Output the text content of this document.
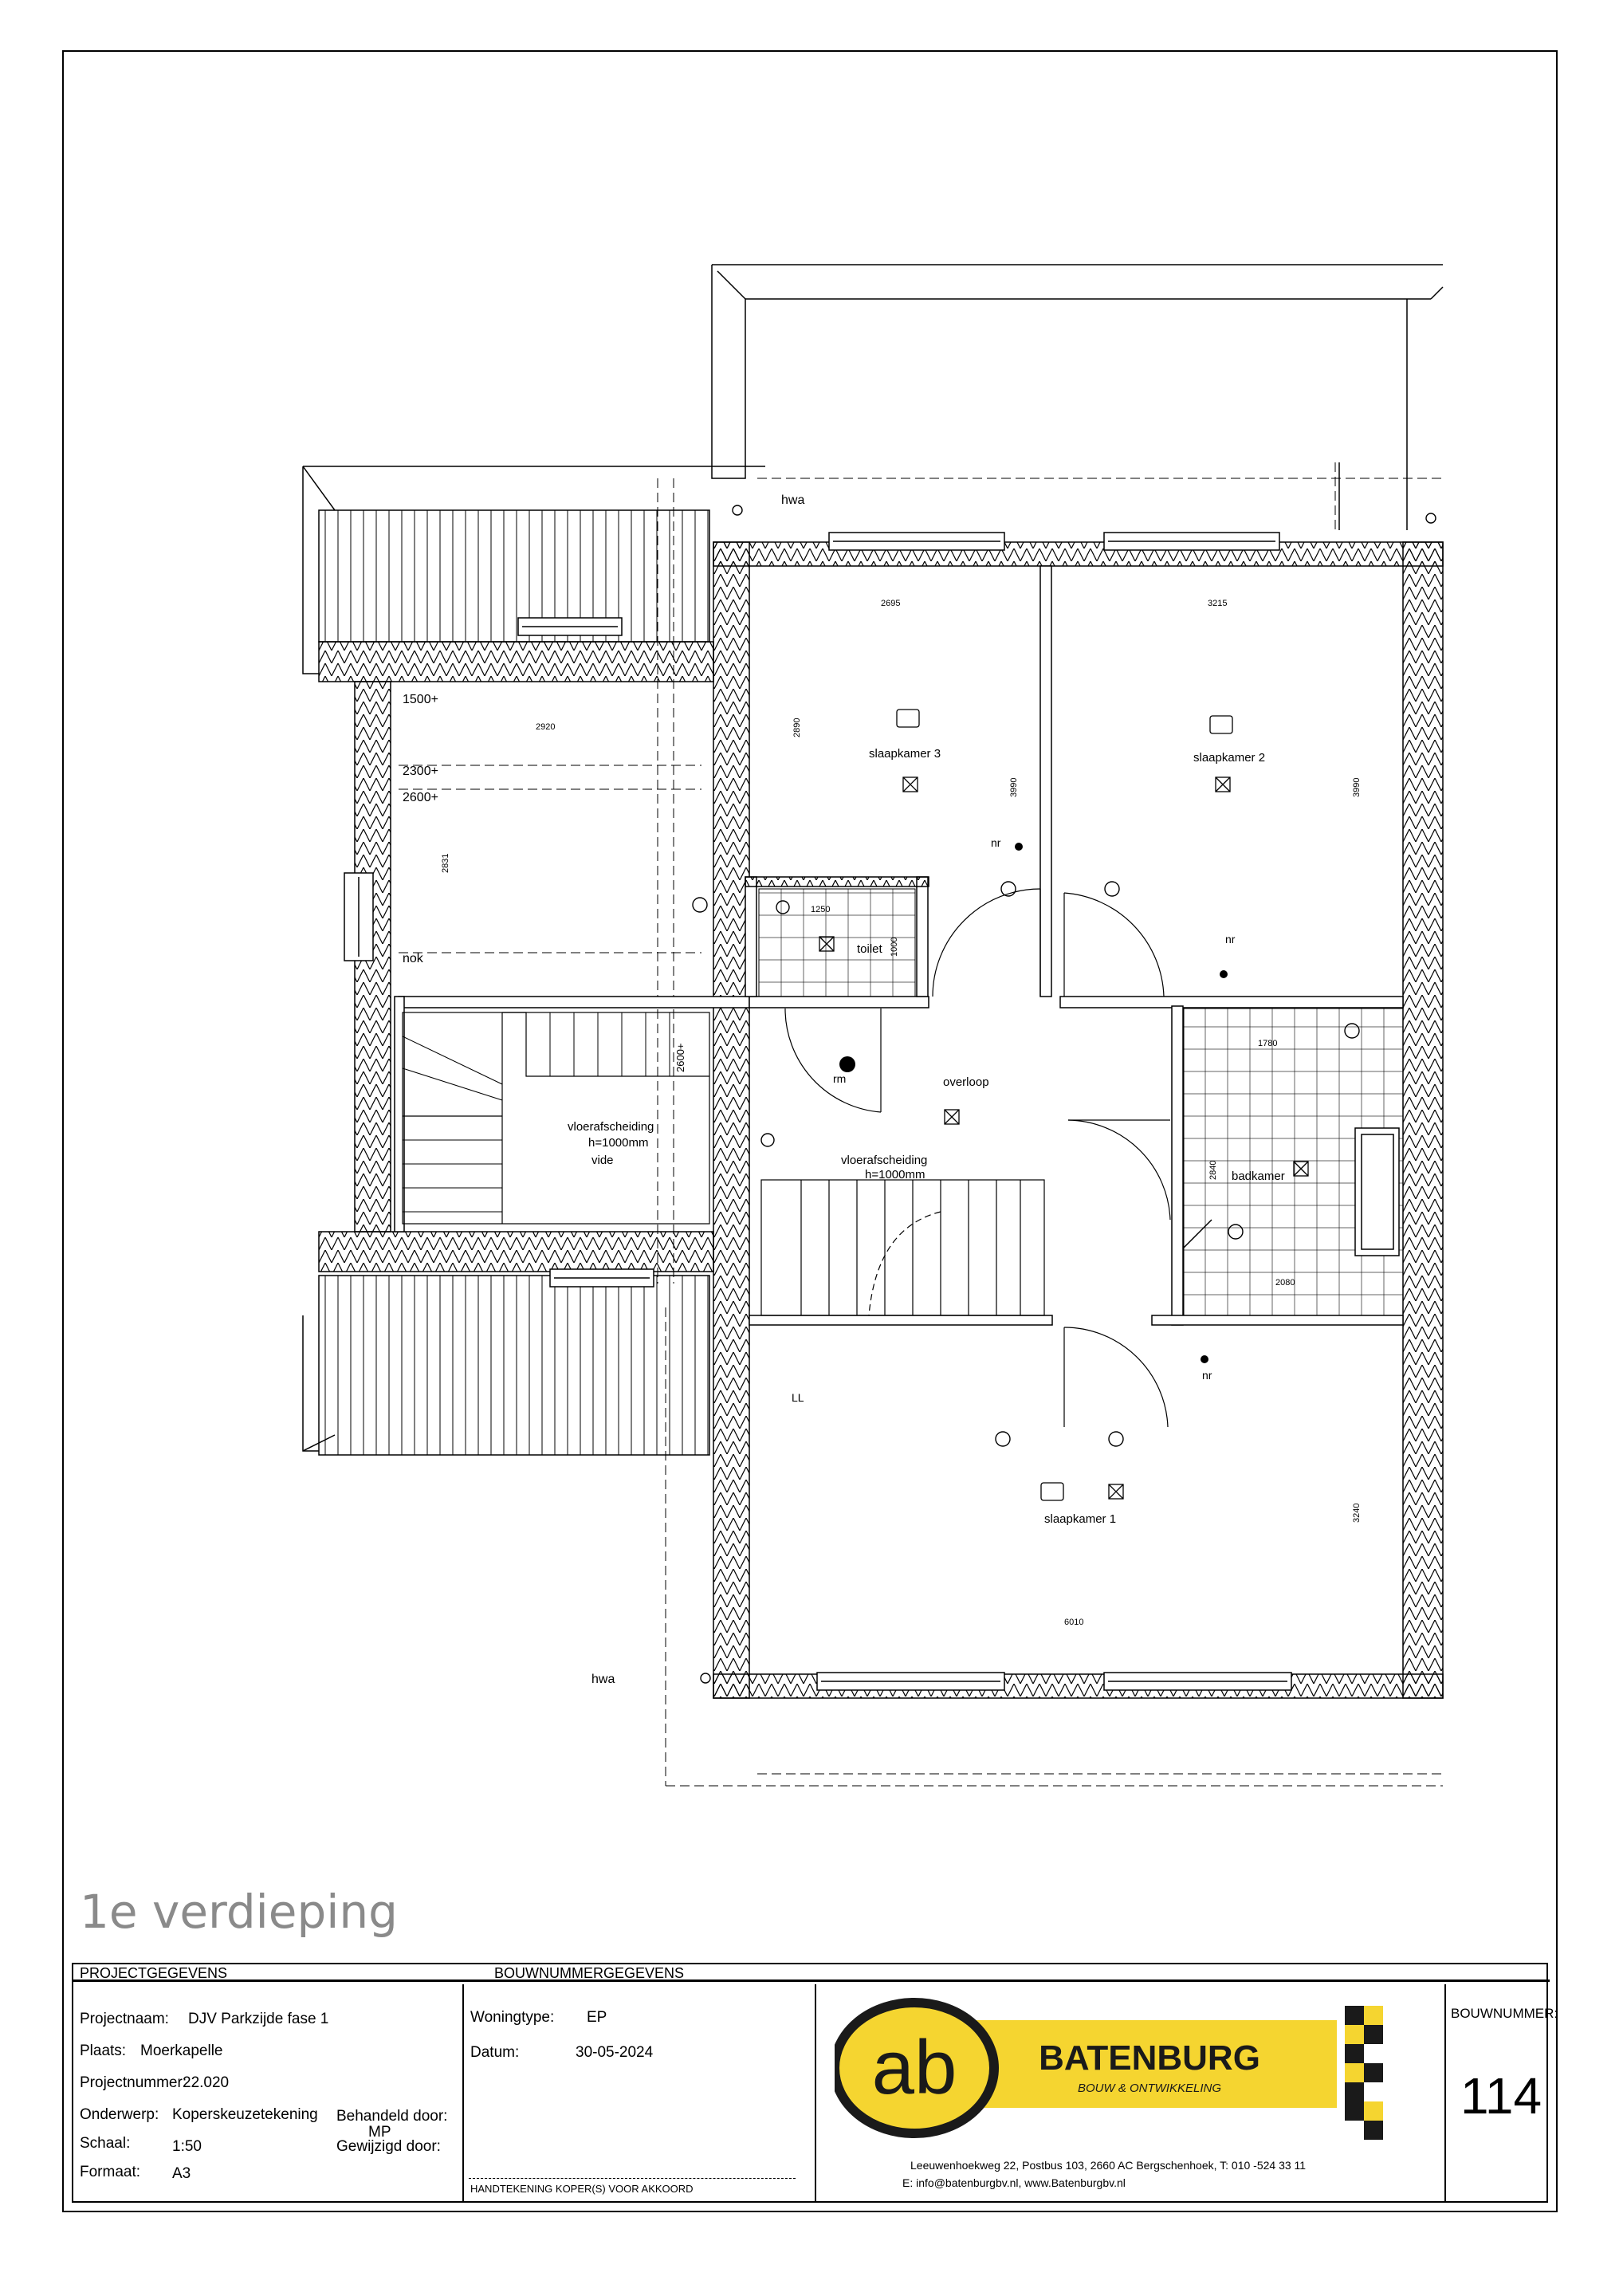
hwa
hwa
1500+
2300+
2600+
nok
slaapkamer 3	slaapkamer 2
slaapkamer 1
toilet
overloop
badkamer
vide
vloerafscheiding
h=1000mm
vloerafscheiding
h=1000mm
nr
nr
nr
rm
LL
2600+
2695	3215
2920	2890
3990	3990
2831
1250
1000
1780
2840
2080
3240
6010
1e verdieping
PROJECTGEGEVENS	BOUWNUMMERGEGEVENS
Projectnaam: DJV Parkzijde fase 1
Plaats: Moerkapelle
Projectnummer:
22.020
Onderwerp: Koperskeuzetekening
Schaal:	1:50
Formaat: A3
Behandeld door:
MP
Gewijzigd door:
Woningtype: EP
Datum:	30-05-2024
HANDTEKENING KOPER(S) VOOR AKKOORD
ab BATENBURG
BOUW & ONTWIKKELING
Leeuwenhoekweg 22, Postbus 103, 2660 AC Bergschenhoek, T: 010 -524 33 11
E: info@batenburgbv.nl, www.Batenburgbv.nl
BOUWNUMMER:
114
